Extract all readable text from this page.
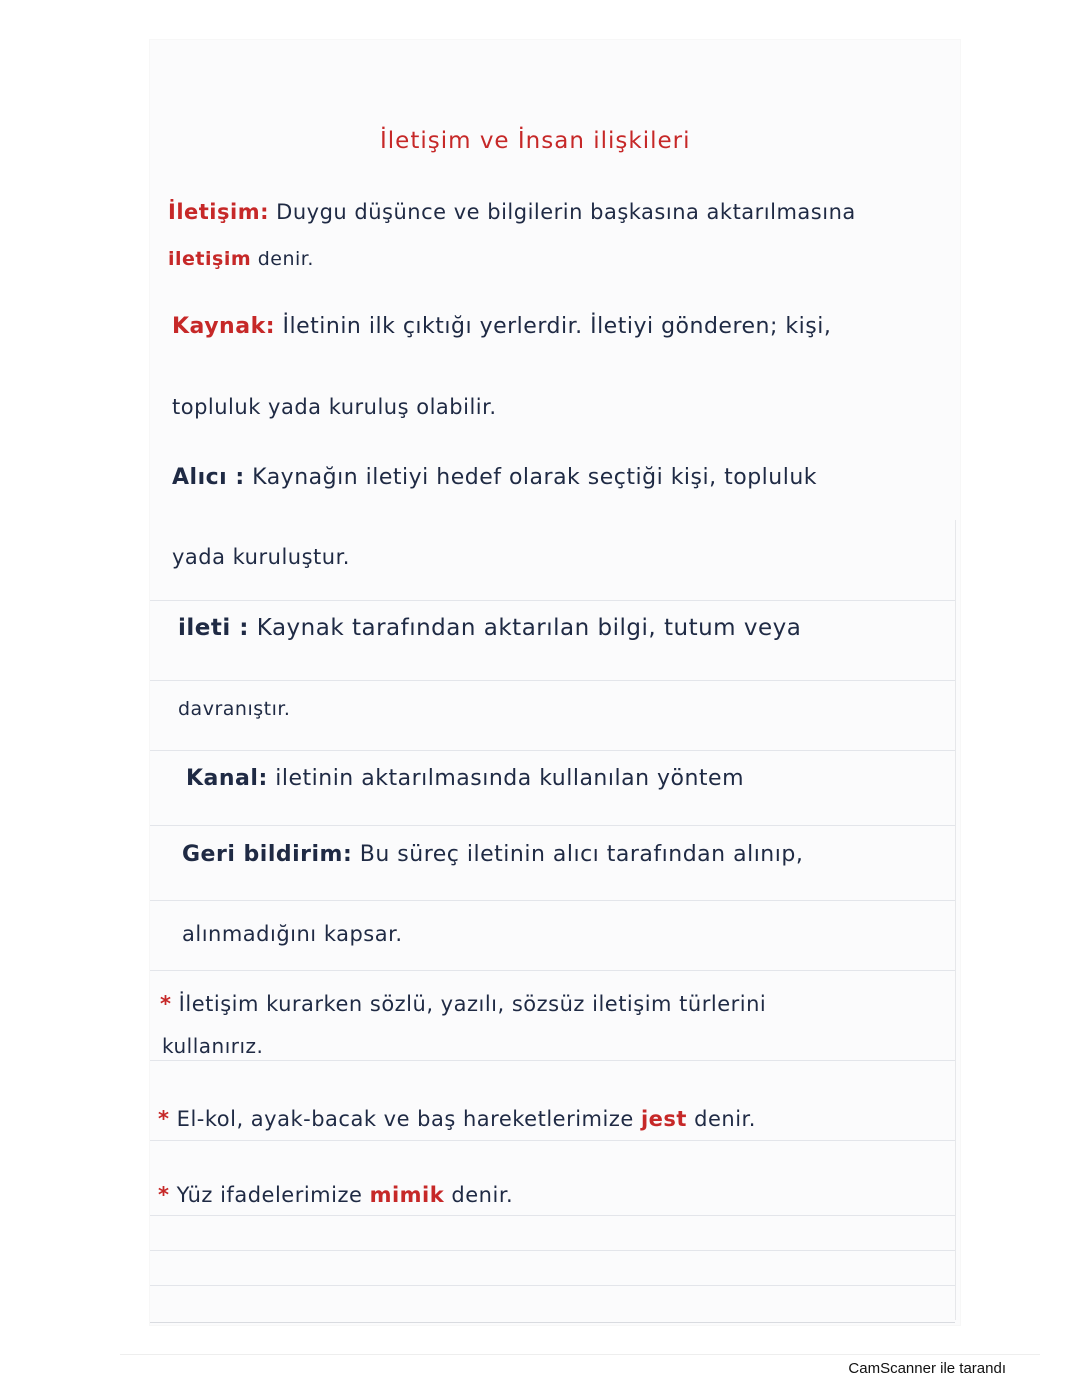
İletişim ve İnsan ilişkileri
İletişim: Duygu düşünce ve bilgilerin başkasına aktarılmasına
iletişim denir.
Kaynak: İletinin ilk çıktığı yerlerdir. İletiyi gönderen; kişi,
topluluk yada kuruluş olabilir.
Alıcı : Kaynağın iletiyi hedef olarak seçtiği kişi, topluluk
yada kuruluştur.
ileti : Kaynak tarafından aktarılan bilgi, tutum veya
davranıştır.
Kanal: iletinin aktarılmasında kullanılan yöntem
Geri bildirim: Bu süreç iletinin alıcı tarafından alınıp,
alınmadığını kapsar.
* İletişim kurarken sözlü, yazılı, sözsüz iletişim türlerini
kullanırız.
* El-kol, ayak-bacak ve baş hareketlerimize jest denir.
* Yüz ifadelerimize mimik denir.
CamScanner ile tarandı
